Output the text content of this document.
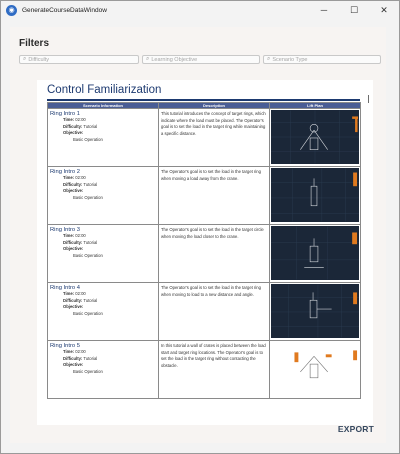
◉	GenerateCourseDataWindow	─	☐	✕
Filters
⌕ Difficulty	⌕ Learning Objective	⌕ Scenario Type
Control Familiarization
Scenario Information	Description	Lift Plan

Ring Intro 1
Time: 02:00
Difficulty: Tutorial
Objective:
Basic Operation	This tutorial introduces the concept of target rings, which indicate where the load must be placed. The Operator's goal is to set the load in the target ring while maintaining a specific distance.

Ring Intro 2
Time: 02:00
Difficulty: Tutorial
Objective:
Basic Operation	The Operator's goal is to set the load in the target ring when moving a load away from the crane.

Ring Intro 3
Time: 02:00
Difficulty: Tutorial
Objective:
Basic Operation	The Operator's goal is to set the load in the target circle when moving the load closer to the crane.

Ring Intro 4
Time: 02:00
Difficulty: Tutorial
Objective:
Basic Operation	The Operator's goal is to set the load in the target ring when moving to load to a new distance and angle.

Ring Intro 5
Time: 02:00
Difficulty: Tutorial
Objective:
Basic Operation	In this tutorial a wall of crates is placed between the load start and target ring locations. The Operator's goal is to set the load in the target ring without contacting the obstacle.

EXPORT
